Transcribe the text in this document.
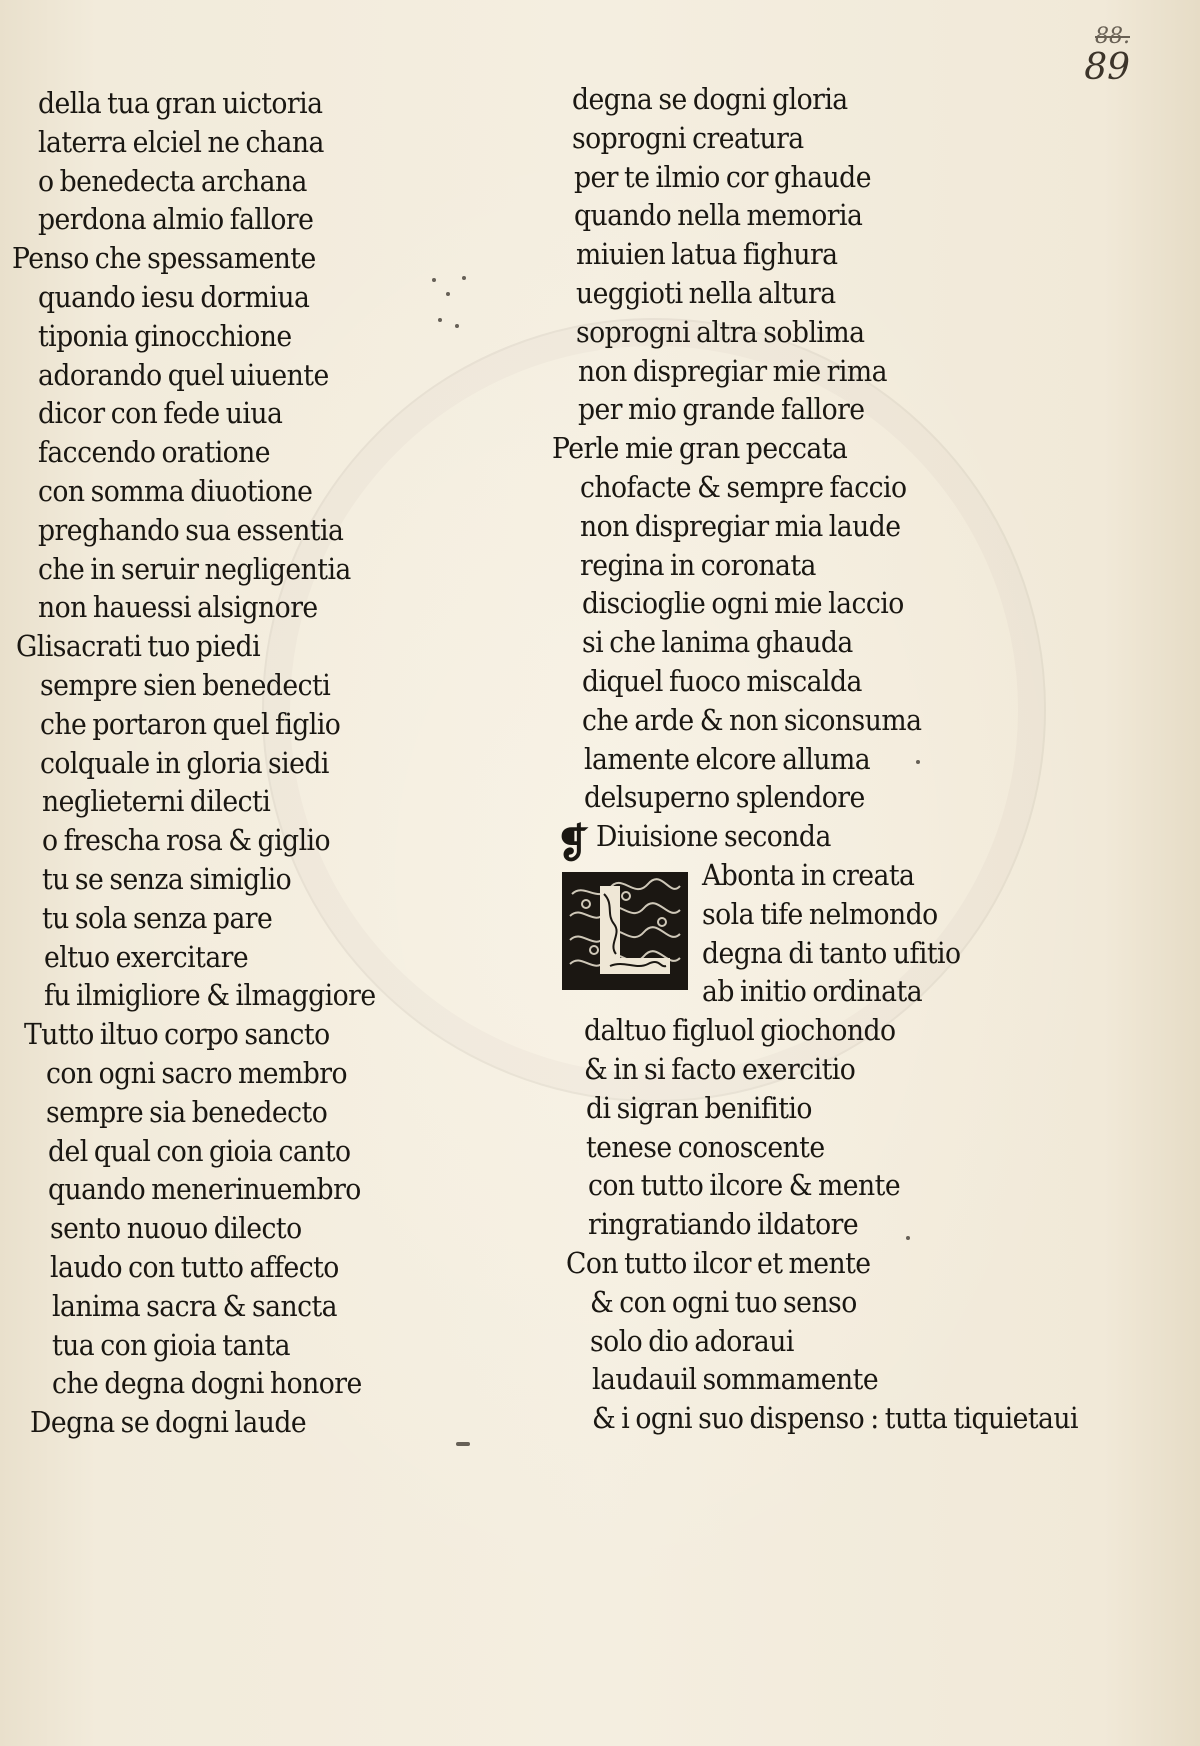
88.
89
della tua gran uictoria
laterra elciel ne chana
o benedecta archana
perdona almio fallore
Penso che spessamente
quando iesu dormiua
tiponia ginocchione
adorando quel uiuente
dicor con fede uiua
faccendo oratione
con somma diuotione
preghando sua essentia
che in seruir negligentia
non hauessi alsignore
Glisacrati tuo piedi
sempre sien benedecti
che portaron quel figlio
colquale in gloria siedi
neglieterni dilecti
o frescha rosa & giglio
tu se senza simiglio
tu sola senza pare
eltuo exercitare
fu ilmigliore & ilmaggiore
Tutto iltuo corpo sancto
con ogni sacro membro
sempre sia benedecto
del qual con gioia canto
quando menerinuembro
sento nuouo dilecto
laudo con tutto affecto
lanima sacra & sancta
tua con gioia tanta
che degna dogni honore
Degna se dogni laude
degna se dogni gloria
soprogni creatura
per te ilmio cor ghaude
quando nella memoria
miuien latua fighura
ueggioti nella altura
soprogni altra soblima
non dispregiar mie rima
per mio grande fallore
Perle mie gran peccata
chofacte & sempre faccio
non dispregiar mia laude
regina in coronata
discioglie ogni mie laccio
si che lanima ghauda
diquel fuoco miscalda
che arde & non siconsuma
lamente elcore alluma
delsuperno splendore
Diuisione seconda
Abonta in creata
sola tife nelmondo
degna di tanto ufitio
ab initio ordinata
daltuo figluol giochondo
& in si facto exercitio
di sigran benifitio
tenese conoscente
con tutto ilcore & mente
ringratiando ildatore
Con tutto ilcor et mente
& con ogni tuo senso
solo dio adoraui
laudauil sommamente
& i ogni suo dispenso : tutta tiquietaui
❡
